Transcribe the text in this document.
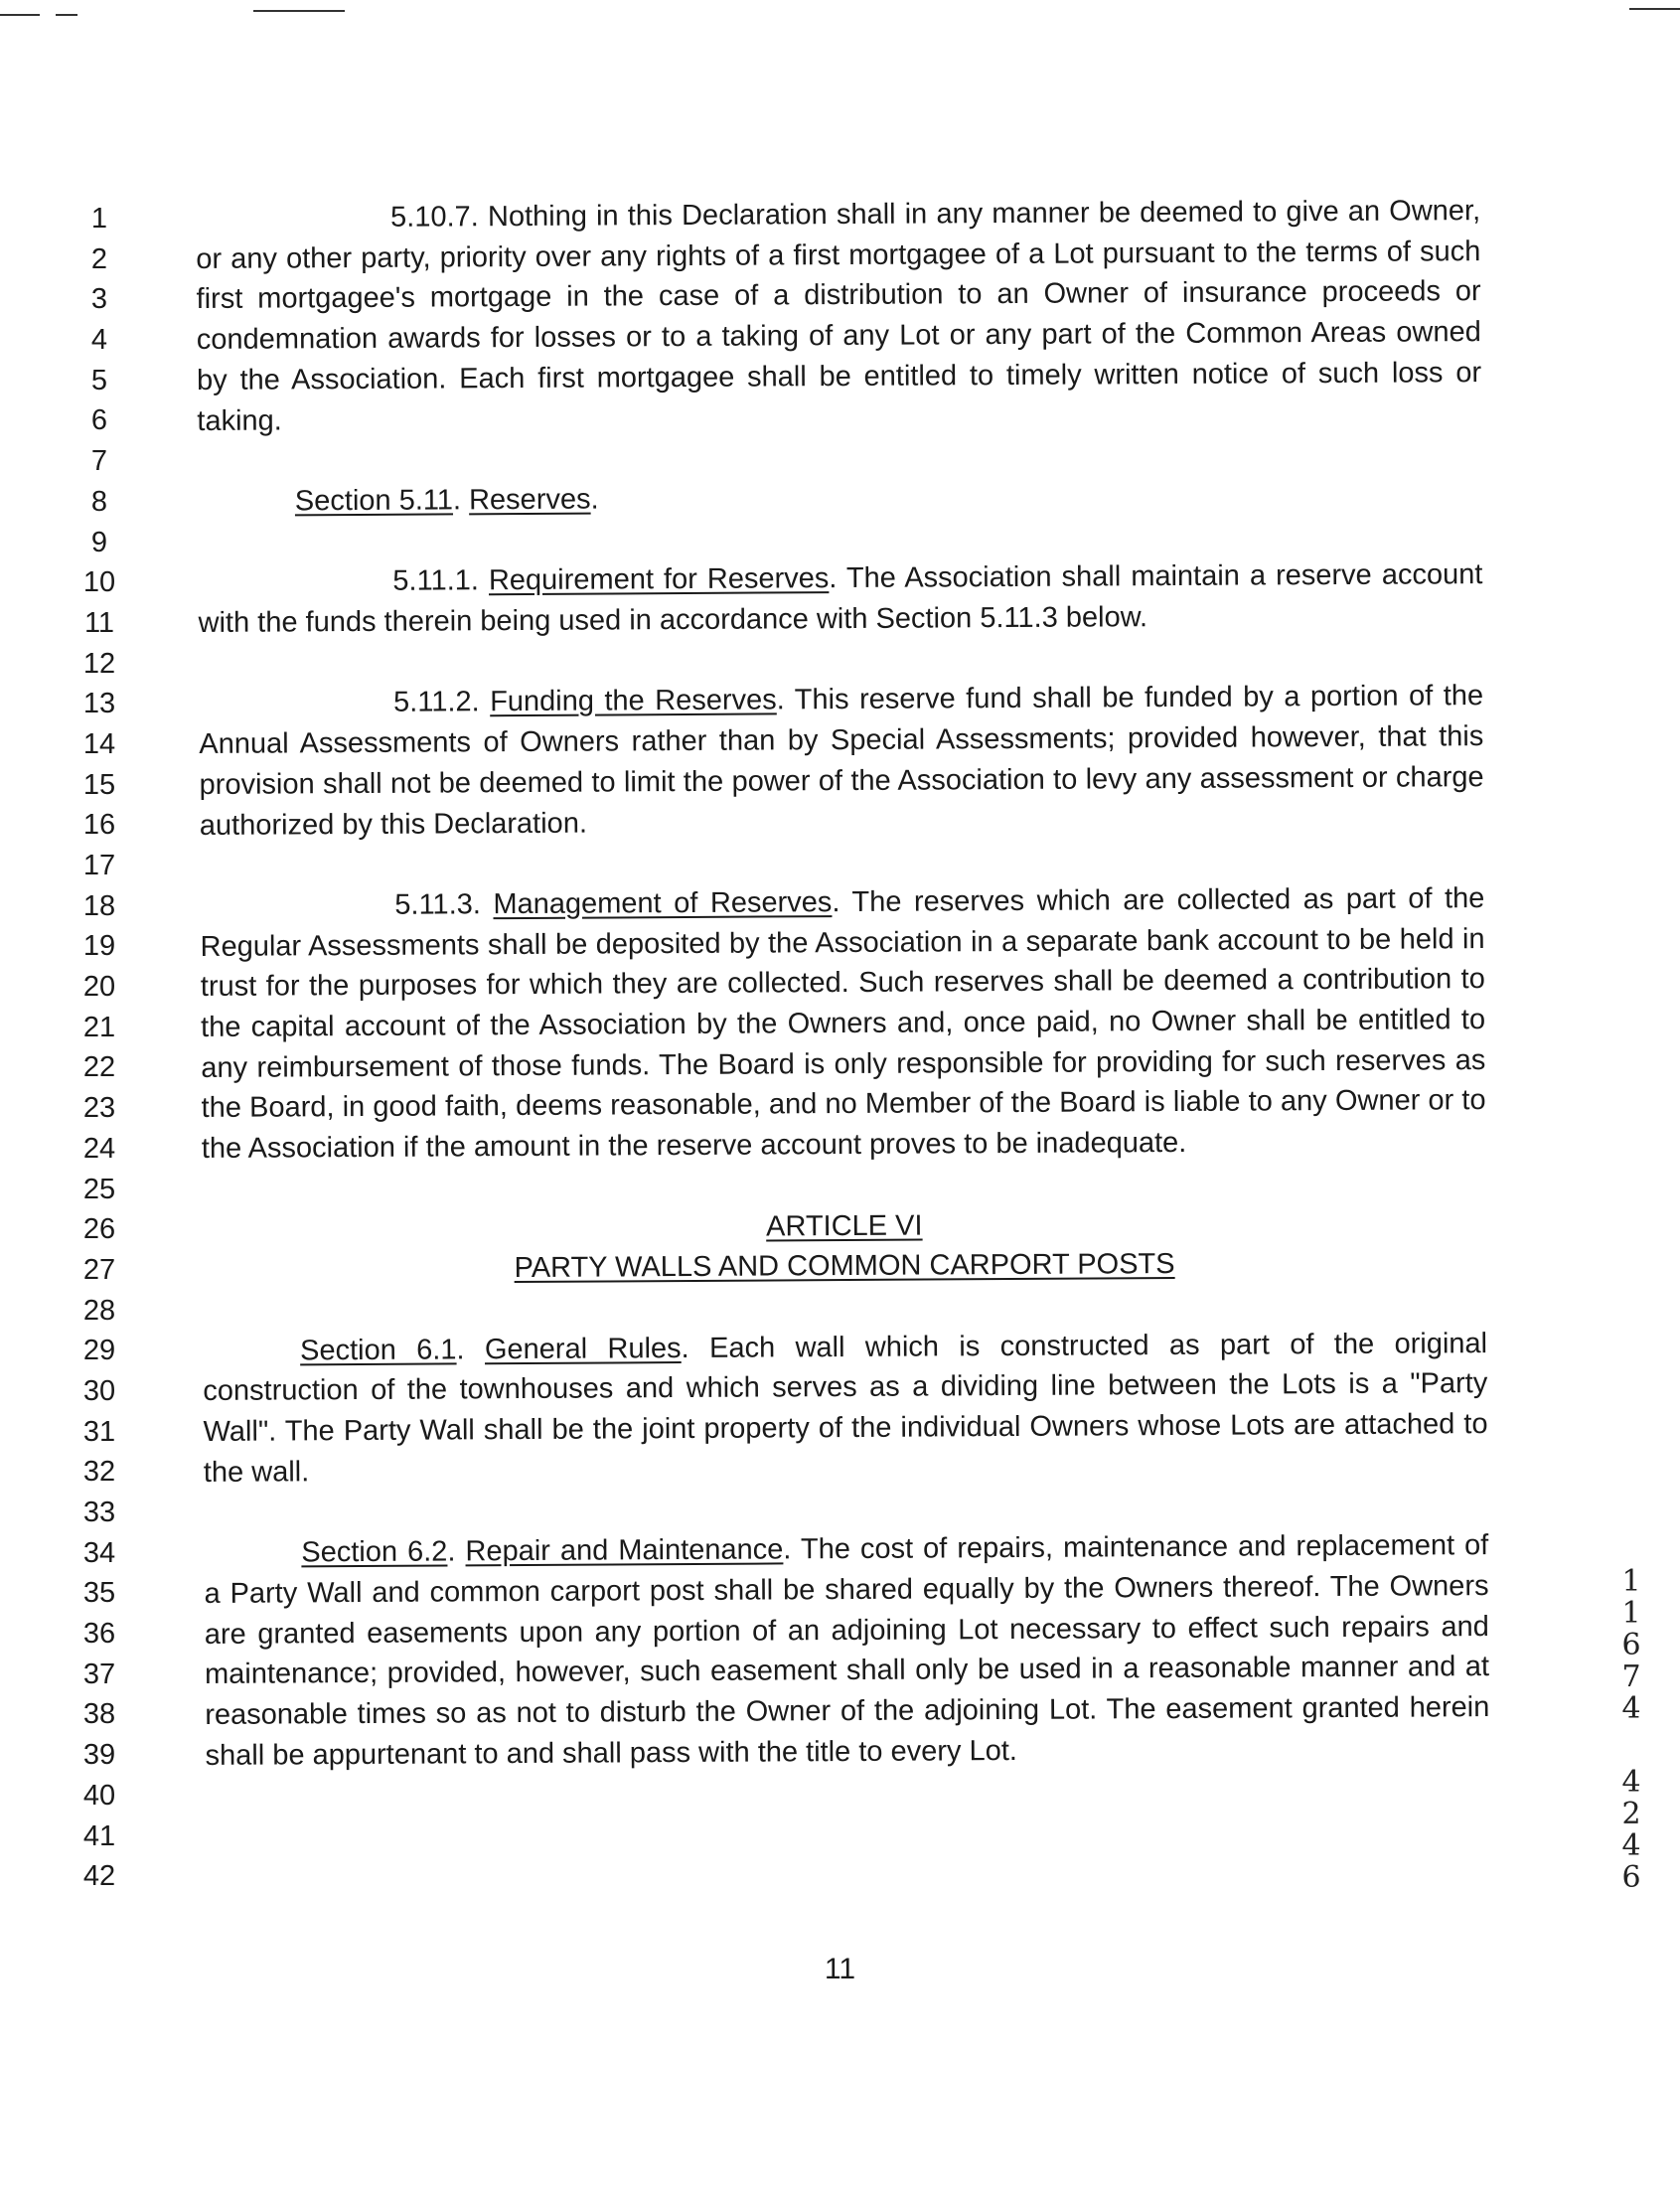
1
2
3
4
5
6
7
8
9
10
11
12
13
14
15
16
17
18
19
20
21
22
23
24
25
26
27
28
29
30
31
32
33
34
35
36
37
38
39
40
41
42

5.10.7. Nothing in this Declaration shall in any manner be deemed to give an Owner, or any other party, priority over any rights of a first mortgagee of a Lot pursuant to the terms of such first mortgagee's mortgage in the case of a distribution to an Owner of insurance proceeds or condemnation awards for losses or to a taking of any Lot or any part of the Common Areas owned by the Association. Each first mortgagee shall be entitled to timely written notice of such loss or taking.

Section 5.11. Reserves.

5.11.1. Requirement for Reserves. The Association shall maintain a reserve account with the funds therein being used in accordance with Section 5.11.3 below.

5.11.2. Funding the Reserves. This reserve fund shall be funded by a portion of the Annual Assessments of Owners rather than by Special Assessments; provided however, that this provision shall not be deemed to limit the power of the Association to levy any assessment or charge authorized by this Declaration.

5.11.3. Management of Reserves. The reserves which are collected as part of the Regular Assessments shall be deposited by the Association in a separate bank account to be held in trust for the purposes for which they are collected. Such reserves shall be deemed a contribution to the capital account of the Association by the Owners and, once paid, no Owner shall be entitled to any reimbursement of those funds. The Board is only responsible for providing for such reserves as the Board, in good faith, deems reasonable, and no Member of the Board is liable to any Owner or to the Association if the amount in the reserve account proves to be inadequate.

ARTICLE VI

PARTY WALLS AND COMMON CARPORT POSTS

Section 6.1. General Rules. Each wall which is constructed as part of the original construction of the townhouses and which serves as a dividing line between the Lots is a "Party Wall". The Party Wall shall be the joint property of the individual Owners whose Lots are attached to the wall.

Section 6.2. Repair and Maintenance. The cost of repairs, maintenance and replacement of a Party Wall and common carport post shall be shared equally by the Owners thereof. The Owners are granted easements upon any portion of an adjoining Lot necessary to effect such repairs and maintenance; provided, however, such easement shall only be used in a reasonable manner and at reasonable times so as not to disturb the Owner of the adjoining Lot. The easement granted herein shall be appurtenant to and shall pass with the title to every Lot.

11
1
1
6
7
4
4
2
4
6
